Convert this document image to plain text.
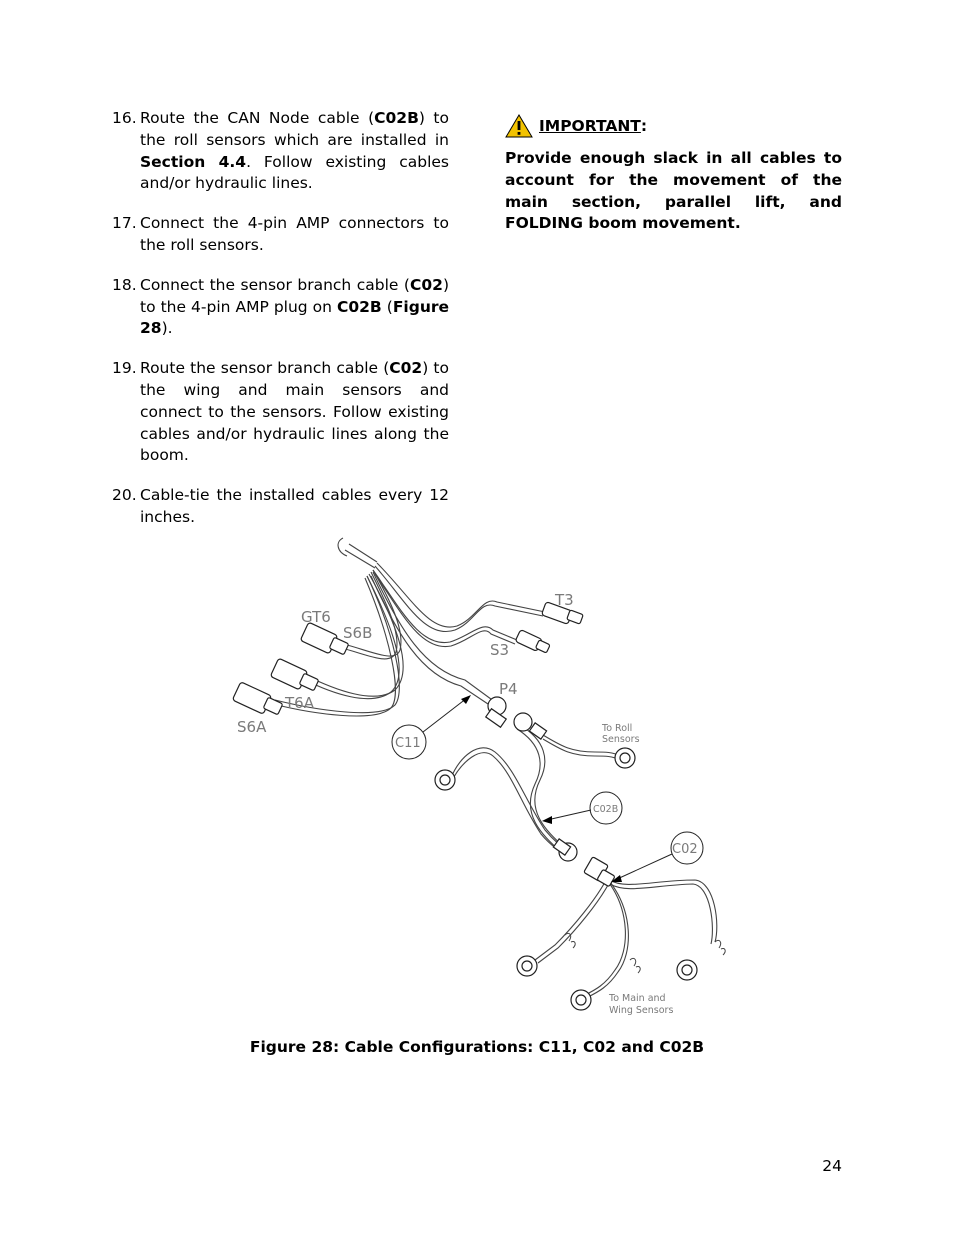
16. Route the CAN Node cable (C02B) to the roll sensors which are installed in Section 4.4. Follow existing cables and/or hydraulic lines.
17. Connect the 4-pin AMP connectors to the roll sensors.
18. Connect the sensor branch cable (C02) to the 4-pin AMP plug on C02B (Figure 28).
19. Route the sensor branch cable (C02) to the wing and main sensors and connect to the sensors. Follow existing cables and/or hydraulic lines along the boom.
20. Cable-tie the installed cables every 12 inches.
IMPORTANT :
Provide enough slack in all cables to account for the movement of the main section, parallel lift, and FOLDING boom movement.
T3
GT6
S6B
S3
P4
T6A
S6A
C11
C02B
C02
To Roll
Sensors
To Main and
Wing Sensors
Figure 28: Cable Configurations: C11, C02 and C02B
24
